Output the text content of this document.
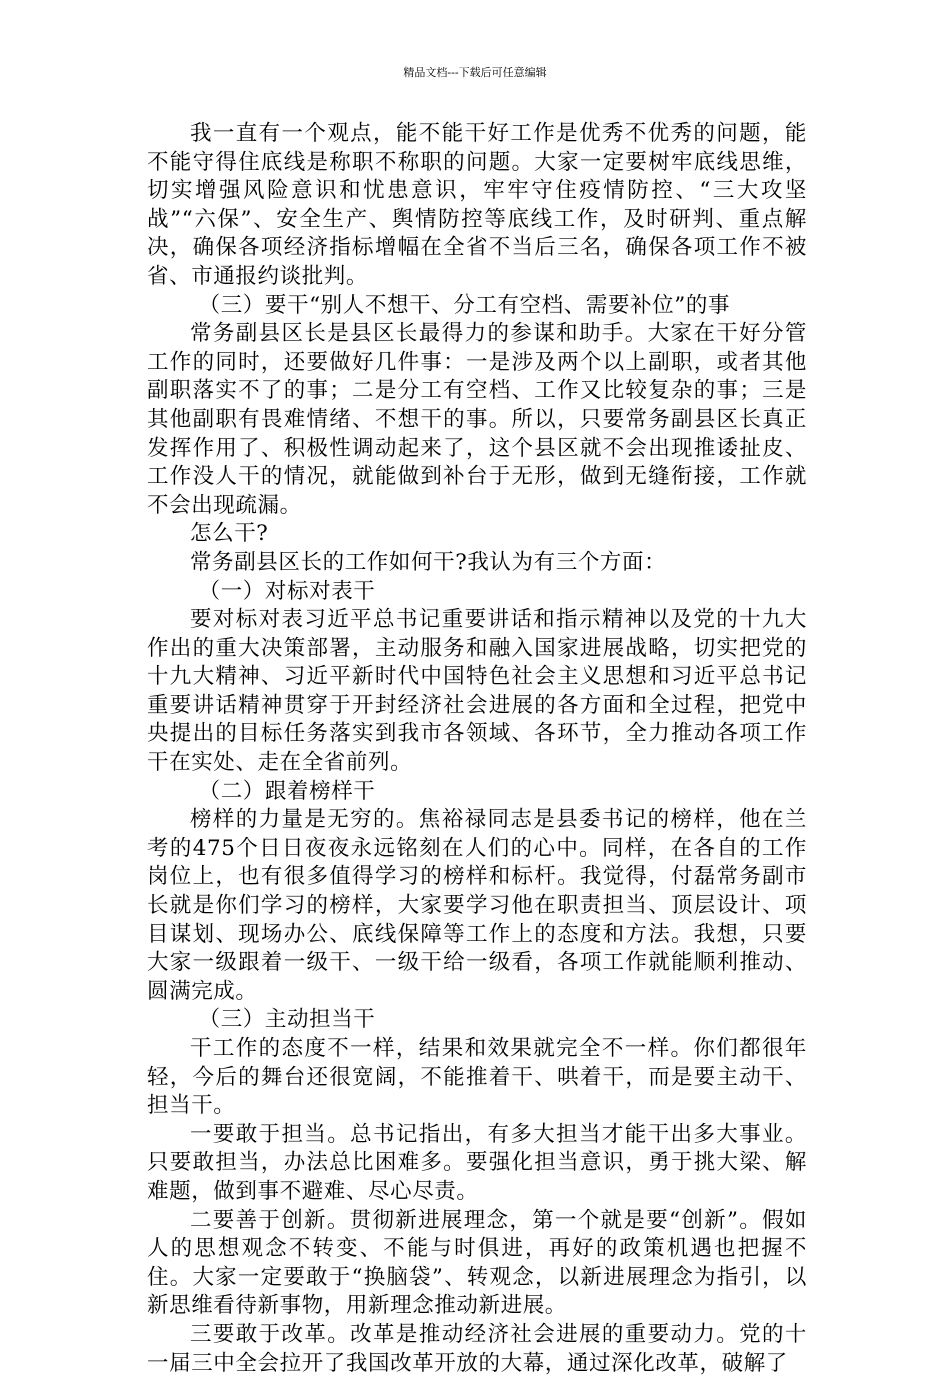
精品文档---下载后可任意编辑

我一直有一个观点，能不能干好工作是优秀不优秀的问题，能不能守得住底线是称职不称职的问题。大家一定要树牢底线思维，切实增强风险意识和忧患意识，牢牢守住疫情防控、“三大攻坚战”“六保”、安全生产、舆情防控等底线工作，及时研判、重点解决，确保各项经济指标增幅在全省不当后三名，确保各项工作不被省、市通报约谈批判。

（三）要干“别人不想干、分工有空档、需要补位”的事

常务副县区长是县区长最得力的参谋和助手。大家在干好分管工作的同时，还要做好几件事：一是涉及两个以上副职，或者其他副职落实不了的事；二是分工有空档、工作又比较复杂的事；三是其他副职有畏难情绪、不想干的事。所以，只要常务副县区长真正发挥作用了、积极性调动起来了，这个县区就不会出现推诿扯皮、工作没人干的情况，就能做到补台于无形，做到无缝衔接，工作就不会出现疏漏。

怎么干?

常务副县区长的工作如何干?我认为有三个方面：

（一）对标对表干

要对标对表习近平总书记重要讲话和指示精神以及党的十九大作出的重大决策部署，主动服务和融入国家进展战略，切实把党的十九大精神、习近平新时代中国特色社会主义思想和习近平总书记重要讲话精神贯穿于开封经济社会进展的各方面和全过程，把党中央提出的目标任务落实到我市各领域、各环节，全力推动各项工作干在实处、走在全省前列。

（二）跟着榜样干

榜样的力量是无穷的。焦裕禄同志是县委书记的榜样，他在兰考的475个日日夜夜永远铭刻在人们的心中。同样，在各自的工作岗位上，也有很多值得学习的榜样和标杆。我觉得，付磊常务副市长就是你们学习的榜样，大家要学习他在职责担当、顶层设计、项目谋划、现场办公、底线保障等工作上的态度和方法。我想，只要大家一级跟着一级干、一级干给一级看，各项工作就能顺利推动、圆满完成。

（三）主动担当干

干工作的态度不一样，结果和效果就完全不一样。你们都很年轻，今后的舞台还很宽阔，不能推着干、哄着干，而是要主动干、担当干。

一要敢于担当。总书记指出，有多大担当才能干出多大事业。只要敢担当，办法总比困难多。要强化担当意识，勇于挑大梁、解难题，做到事不避难、尽心尽责。

二要善于创新。贯彻新进展理念，第一个就是要“创新”。假如人的思想观念不转变、不能与时俱进，再好的政策机遇也把握不住。大家一定要敢于“换脑袋”、转观念，以新进展理念为指引，以新思维看待新事物，用新理念推动新进展。

三要敢于改革。改革是推动经济社会进展的重要动力。党的十一届三中全会拉开了我国改革开放的大幕，通过深化改革，破解了
